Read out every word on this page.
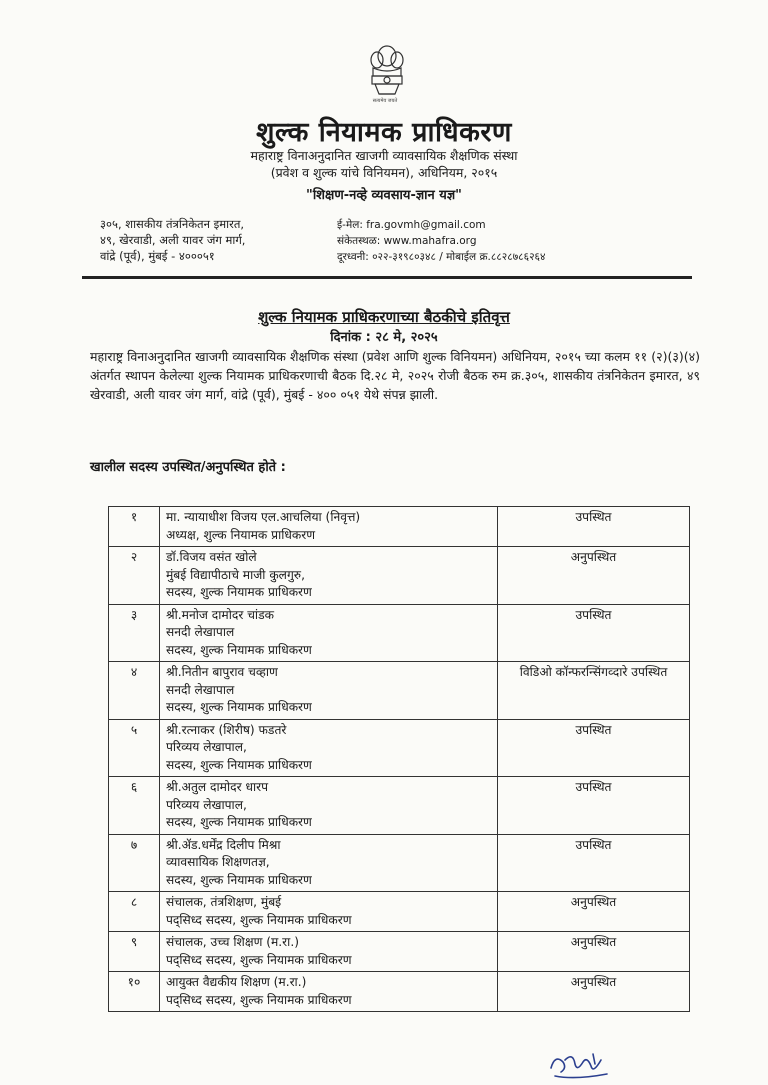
सत्यमेव जयते
शुल्क नियामक प्राधिकरण
महाराष्ट्र विनाअनुदानित खाजगी व्यावसायिक शैक्षणिक संस्था
(प्रवेश व शुल्क यांचे विनियमन), अधिनियम, २०१५
"शिक्षण-नव्हे व्यवसाय-ज्ञान यज्ञ"
३०५, शासकीय तंत्रनिकेतन इमारत,
४९, खेरवाडी, अली यावर जंग मार्ग,
वांद्रे (पूर्व), मुंबई - ४०००५१
ई-मेल: fra.govmh@gmail.com
संकेतस्थळ: www.mahafra.org
दूरध्वनी: ०२२-३१९८०३४८ / मोबाईल क्र.८८२८७८६२६४
शुल्क नियामक प्राधिकरणाच्या बैठकीचे इतिवृत्त
दिनांक : २८ मे, २०२५
महाराष्ट्र विनाअनुदानित खाजगी व्यावसायिक शैक्षणिक संस्था (प्रवेश आणि शुल्क विनियमन) अधिनियम, २०१५ च्या कलम ११ (२)(३)(४) अंतर्गत स्थापन केलेल्या शुल्क नियामक प्राधिकरणाची बैठक दि.२८ मे, २०२५ रोजी बैठक रुम क्र.३०५, शासकीय तंत्रनिकेतन इमारत, ४९ खेरवाडी, अली यावर जंग मार्ग, वांद्रे (पूर्व), मुंबई - ४०० ०५१ येथे संपन्न झाली.
खालील सदस्य उपस्थित/अनुपस्थित होते :
१	मा. न्यायाधीश विजय एल.आचलिया (निवृत्त)
अध्यक्ष, शुल्क नियामक प्राधिकरण	उपस्थित
२	डॉ.विजय वसंत खोले
मुंबई विद्यापीठाचे माजी कुलगुरु,
सदस्य, शुल्क नियामक प्राधिकरण	अनुपस्थित
३	श्री.मनोज दामोदर चांडक
सनदी लेखापाल
सदस्य, शुल्क नियामक प्राधिकरण	उपस्थित
४	श्री.नितीन बापुराव चव्हाण
सनदी लेखापाल
सदस्य, शुल्क नियामक प्राधिकरण	विडिओ कॉन्फरन्सिंगव्दारे उपस्थित
५	श्री.रत्नाकर (शिरीष) फडतरे
परिव्यय लेखापाल,
सदस्य, शुल्क नियामक प्राधिकरण	उपस्थित
६	श्री.अतुल दामोदर धारप
परिव्यय लेखापाल,
सदस्य, शुल्क नियामक प्राधिकरण	उपस्थित
७	श्री.ॲड.धर्मेंद्र दिलीप मिश्रा
व्यावसायिक शिक्षणतज्ञ,
सदस्य, शुल्क नियामक प्राधिकरण	उपस्थित
८	संचालक, तंत्रशिक्षण, मुंबई
पद्सिध्द सदस्य, शुल्क नियामक प्राधिकरण	अनुपस्थित
९	संचालक, उच्च शिक्षण (म.रा.)
पद्सिध्द सदस्य, शुल्क नियामक प्राधिकरण	अनुपस्थित
१०	आयुक्त वैद्यकीय शिक्षण (म.रा.)
पद्सिध्द सदस्य, शुल्क नियामक प्राधिकरण	अनुपस्थित
